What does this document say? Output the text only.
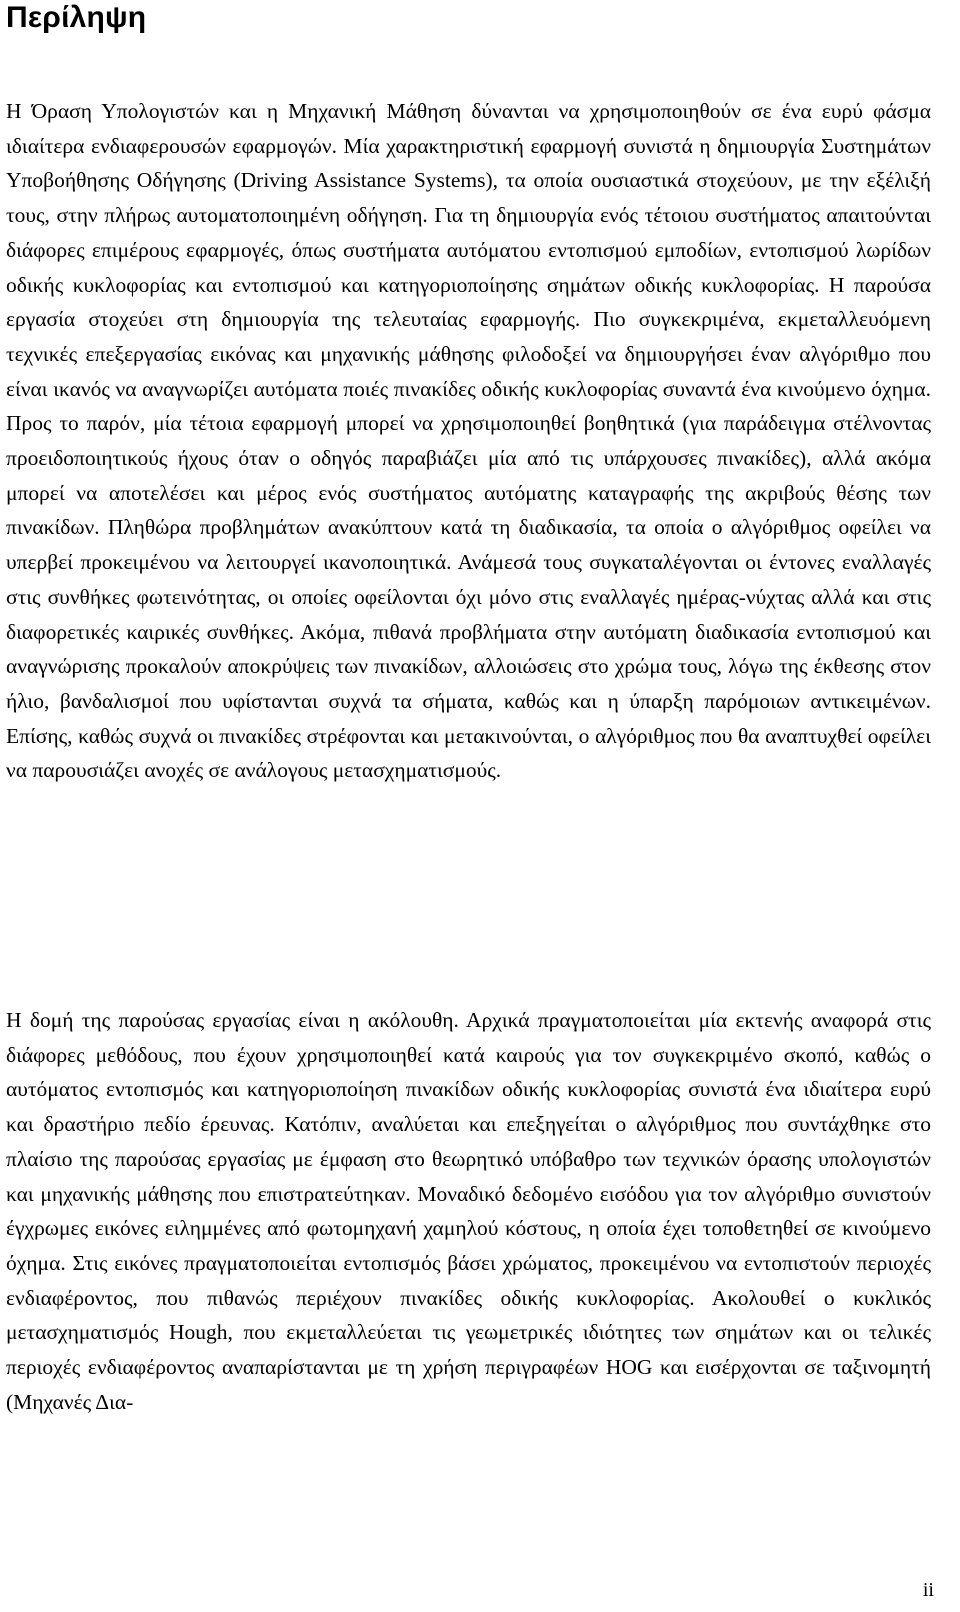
Περίληψη

Η Όραση Υπολογιστών και η Μηχανική Μάθηση δύνανται να χρησιμοποιηθούν σε ένα ευρύ φάσμα ιδιαίτερα ενδιαφερουσών εφαρμογών. Μία χαρακτηριστική εφαρμογή συνιστά η δημιουργία Συστημάτων Υποβοήθησης Οδήγησης (Driving Assistance Systems), τα οποία ουσιαστικά στοχεύουν, με την εξέλιξή τους, στην πλήρως αυτοματοποιημένη οδήγηση. Για τη δημιουργία ενός τέτοιου συστήματος απαιτούνται διάφορες επιμέρους εφαρμογές, όπως συστήματα αυτόματου εντοπισμού εμποδίων, εντοπισμού λωρίδων οδικής κυκλοφορίας και εντοπισμού και κατηγοριοποίησης σημάτων οδικής κυκλοφορίας. Η παρούσα εργασία στοχεύει στη δημιουργία της τελευταίας εφαρμογής. Πιο συγκεκριμένα, εκμεταλλευόμενη τεχνικές επεξεργασίας εικόνας και μηχανικής μάθησης φιλοδοξεί να δημιουργήσει έναν αλγόριθμο που είναι ικανός να αναγνωρίζει αυτόματα ποιές πινακίδες οδικής κυκλοφορίας συναντά ένα κινούμενο όχημα. Προς το παρόν, μία τέτοια εφαρμογή μπορεί να χρησιμοποιηθεί βοηθητικά (για παράδειγμα στέλνοντας προειδοποιητικούς ήχους όταν ο οδηγός παραβιάζει μία από τις υπάρχουσες πινακίδες), αλλά ακόμα μπορεί να αποτελέσει και μέρος ενός συστήματος αυτόματης καταγραφής της ακριβούς θέσης των πινακίδων. Πληθώρα προβλημάτων ανακύπτουν κατά τη διαδικασία, τα οποία ο αλγόριθμος οφείλει να υπερβεί προκειμένου να λειτουργεί ικανοποιητικά. Ανάμεσά τους συγκαταλέγονται οι έντονες εναλλαγές στις συνθήκες φωτεινότητας, οι οποίες οφείλονται όχι μόνο στις εναλλαγές ημέρας-νύχτας αλλά και στις διαφορετικές καιρικές συνθήκες. Ακόμα, πιθανά προβλήματα στην αυτόματη διαδικασία εντοπισμού και αναγνώρισης προκαλούν αποκρύψεις των πινακίδων, αλλοιώσεις στο χρώμα τους, λόγω της έκθεσης στον ήλιο, βανδαλισμοί που υφίστανται συχνά τα σήματα, καθώς και η ύπαρξη παρόμοιων αντικειμένων. Επίσης, καθώς συχνά οι πινακίδες στρέφονται και μετακινούνται, ο αλγόριθμος που θα αναπτυχθεί οφείλει να παρουσιάζει ανοχές σε ανάλογους μετασχηματισμούς.

Η δομή της παρούσας εργασίας είναι η ακόλουθη. Αρχικά πραγματοποιείται μία εκτενής αναφορά στις διάφορες μεθόδους, που έχουν χρησιμοποιηθεί κατά καιρούς για τον συγκεκριμένο σκοπό, καθώς ο αυτόματος εντοπισμός και κατηγοριοποίηση πινακίδων οδικής κυκλοφορίας συνιστά ένα ιδιαίτερα ευρύ και δραστήριο πεδίο έρευνας. Κατόπιν, αναλύεται και επεξηγείται ο αλγόριθμος που συντάχθηκε στο πλαίσιο της παρούσας εργασίας με έμφαση στο θεωρητικό υπόβαθρο των τεχνικών όρασης υπολογιστών και μηχανικής μάθησης που επιστρατεύτηκαν. Μοναδικό δεδομένο εισόδου για τον αλγόριθμο συνιστούν έγχρωμες εικόνες ειλημμένες από φωτομηχανή χαμηλού κόστους, η οποία έχει τοποθετηθεί σε κινούμενο όχημα. Στις εικόνες πραγματοποιείται εντοπισμός βάσει χρώματος, προκειμένου να εντοπιστούν περιοχές ενδιαφέροντος, που πιθανώς περιέχουν πινακίδες οδικής κυκλοφορίας. Ακολουθεί ο κυκλικός μετασχηματισμός Hough, που εκμεταλλεύεται τις γεωμετρικές ιδιότητες των σημάτων και οι τελικές περιοχές ενδιαφέροντος αναπαρίστανται με τη χρήση περιγραφέων HOG και εισέρχονται σε ταξινομητή (Μηχανές Δια-

ii
